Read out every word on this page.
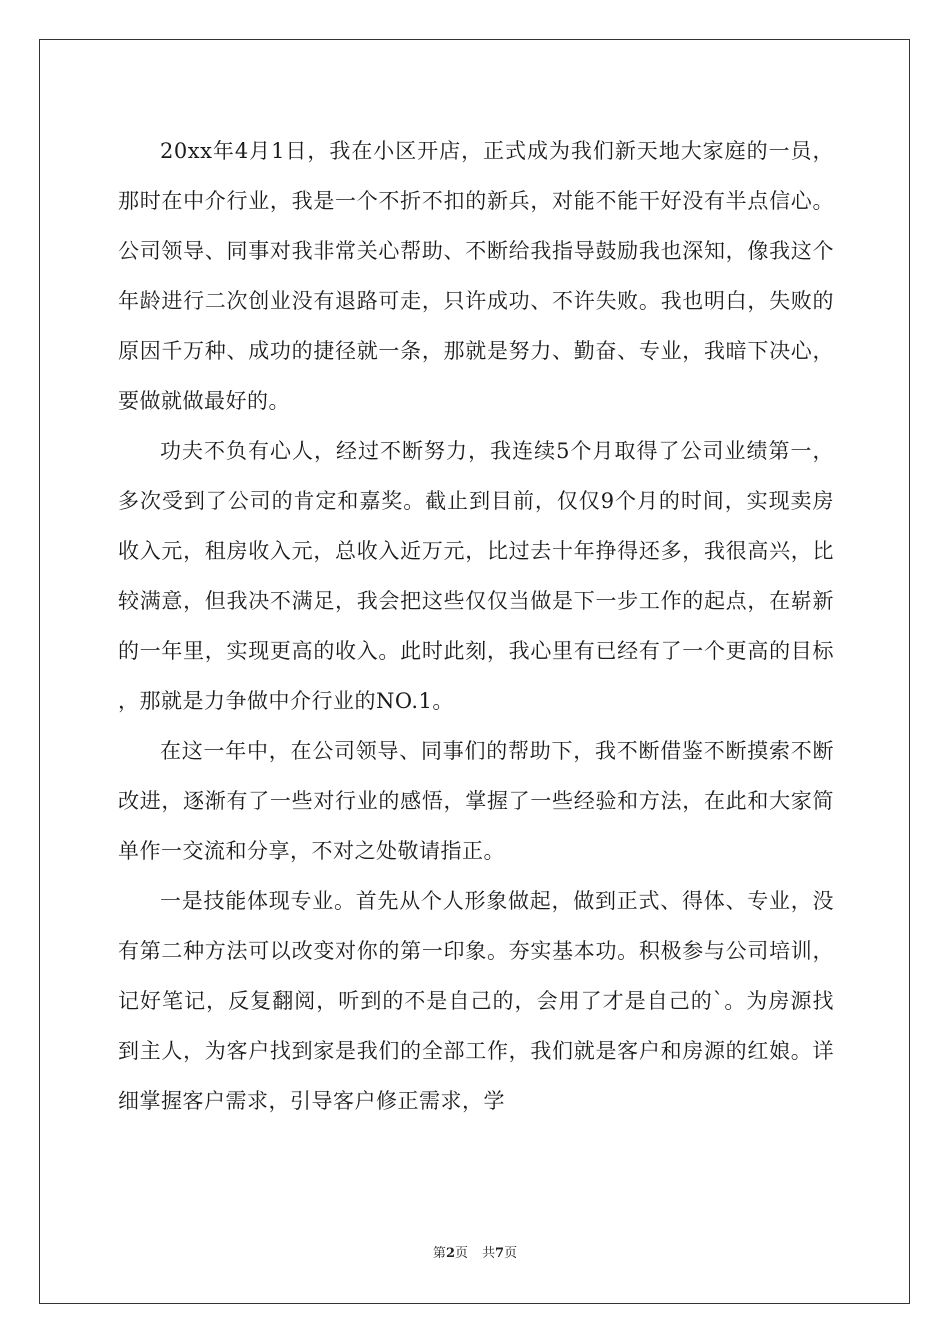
20xx年4月1日，我在小区开店，正式成为我们新天地大家庭的一员，那时在中介行业，我是一个不折不扣的新兵，对能不能干好没有半点信心。公司领导、同事对我非常关心帮助、不断给我指导鼓励我也深知，像我这个年龄进行二次创业没有退路可走，只许成功、不许失败。我也明白，失败的原因千万种、成功的捷径就一条，那就是努力、勤奋、专业，我暗下决心，要做就做最好的。

功夫不负有心人，经过不断努力，我连续5个月取得了公司业绩第一，多次受到了公司的肯定和嘉奖。截止到目前，仅仅9个月的时间，实现卖房收入元，租房收入元，总收入近万元，比过去十年挣得还多，我很高兴，比较满意，但我决不满足，我会把这些仅仅当做是下一步工作的起点，在崭新的一年里，实现更高的收入。此时此刻，我心里有已经有了一个更高的目标，那就是力争做中介行业的NO.1。

在这一年中，在公司领导、同事们的帮助下，我不断借鉴不断摸索不断改进，逐渐有了一些对行业的感悟，掌握了一些经验和方法，在此和大家简单作一交流和分享，不对之处敬请指正。

一是技能体现专业。首先从个人形象做起，做到正式、得体、专业，没有第二种方法可以改变对你的第一印象。夯实基本功。积极参与公司培训，记好笔记，反复翻阅，听到的不是自己的，会用了才是自己的`。为房源找到主人，为客户找到家是我们的全部工作，我们就是客户和房源的红娘。详细掌握客户需求，引导客户修正需求，学

第2页 共7页
